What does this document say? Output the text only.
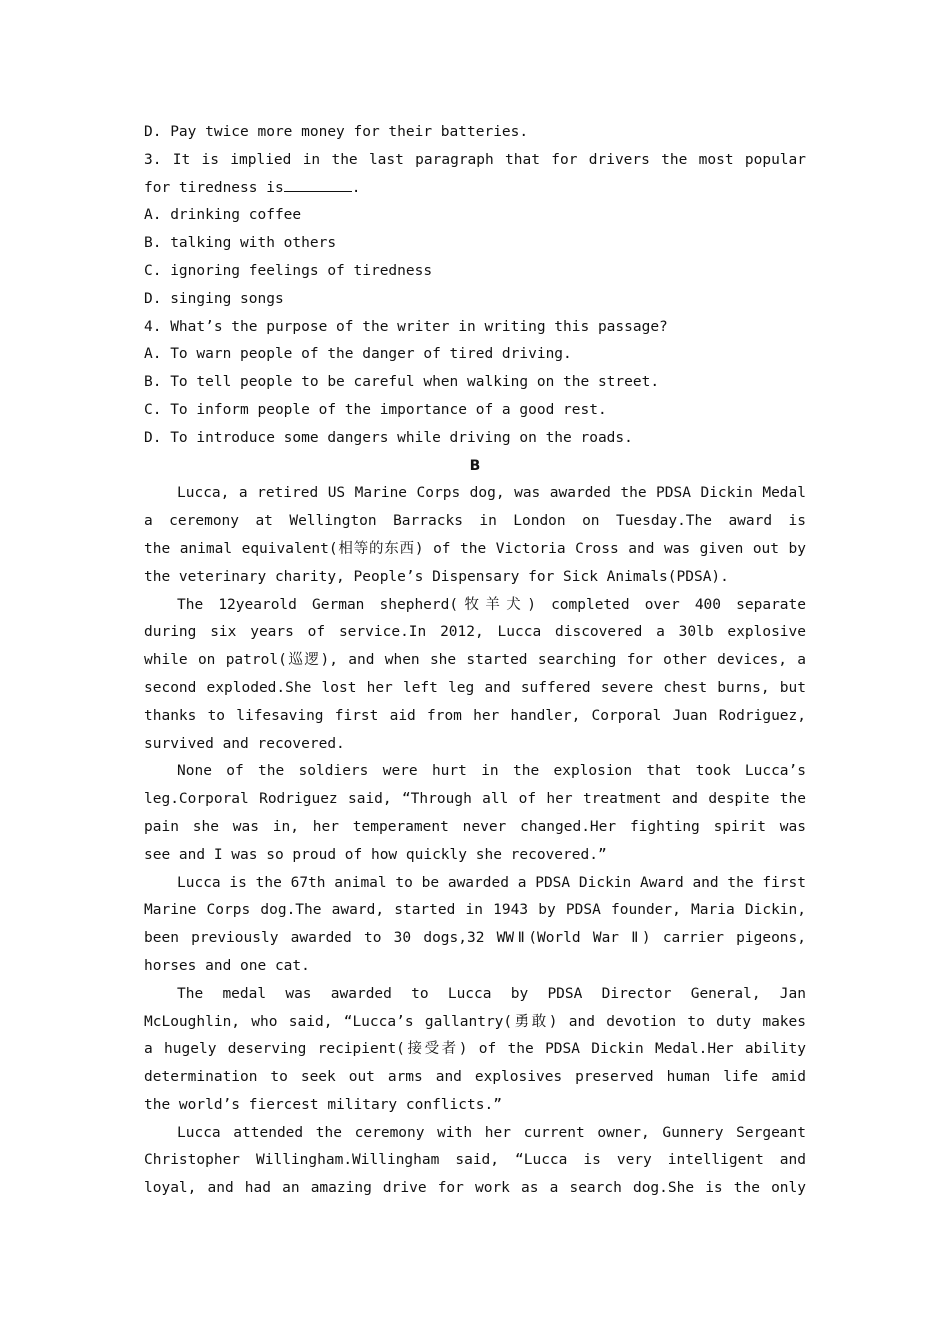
D. Pay twice more money for their batteries.
3. It is implied in the last paragraph that for drivers the most popular
for tiredness is	.
A. drinking coffee
B. talking with others
C. ignoring feelings of tiredness
D. singing songs
4. What’s the purpose of the writer in writing this passage?
A. To warn people of the danger of tired driving.
B. To tell people to be careful when walking on the street.
C. To inform people of the importance of a good rest.
D. To introduce some dangers while driving on the roads.
B
Lucca, a retired US Marine Corps dog, was awarded the PDSA Dickin Medal
a ceremony at Wellington Barracks in London on Tuesday.The award is
the animal equivalent(相等的东西) of the Victoria Cross and was given out by
the veterinary charity, People’s Dispensary for Sick Animals(PDSA).
The 12yearold German shepherd(牧羊犬) completed over 400 separate
during six years of service.In 2012, Lucca discovered a 30lb explosive
while on patrol(巡逻), and when she started searching for other devices, a
second exploded.She lost her left leg and suffered severe chest burns, but
thanks to lifesaving first aid from her handler, Corporal Juan Rodriguez,
survived and recovered.
None of the soldiers were hurt in the explosion that took Lucca’s
leg.Corporal Rodriguez said, “Through all of her treatment and despite the
pain she was in, her temperament never changed.Her fighting spirit was
see and I was so proud of how quickly she recovered.”
Lucca is the 67th animal to be awarded a PDSA Dickin Award and the first
Marine Corps dog.The award, started in 1943 by PDSA founder, Maria Dickin,
been previously awarded to 30 dogs,32 WWⅡ(World War Ⅱ) carrier pigeons,
horses and one cat.
The medal was awarded to Lucca by PDSA Director General, Jan
McLoughlin, who said, “Lucca’s gallantry(勇敢) and devotion to duty makes
a hugely deserving recipient(接受者) of the PDSA Dickin Medal.Her ability
determination to seek out arms and explosives preserved human life amid
the world’s fiercest military conflicts.”
Lucca attended the ceremony with her current owner, Gunnery Sergeant
Christopher Willingham.Willingham said, “Lucca is very intelligent and
loyal, and had an amazing drive for work as a search dog.She is the only
